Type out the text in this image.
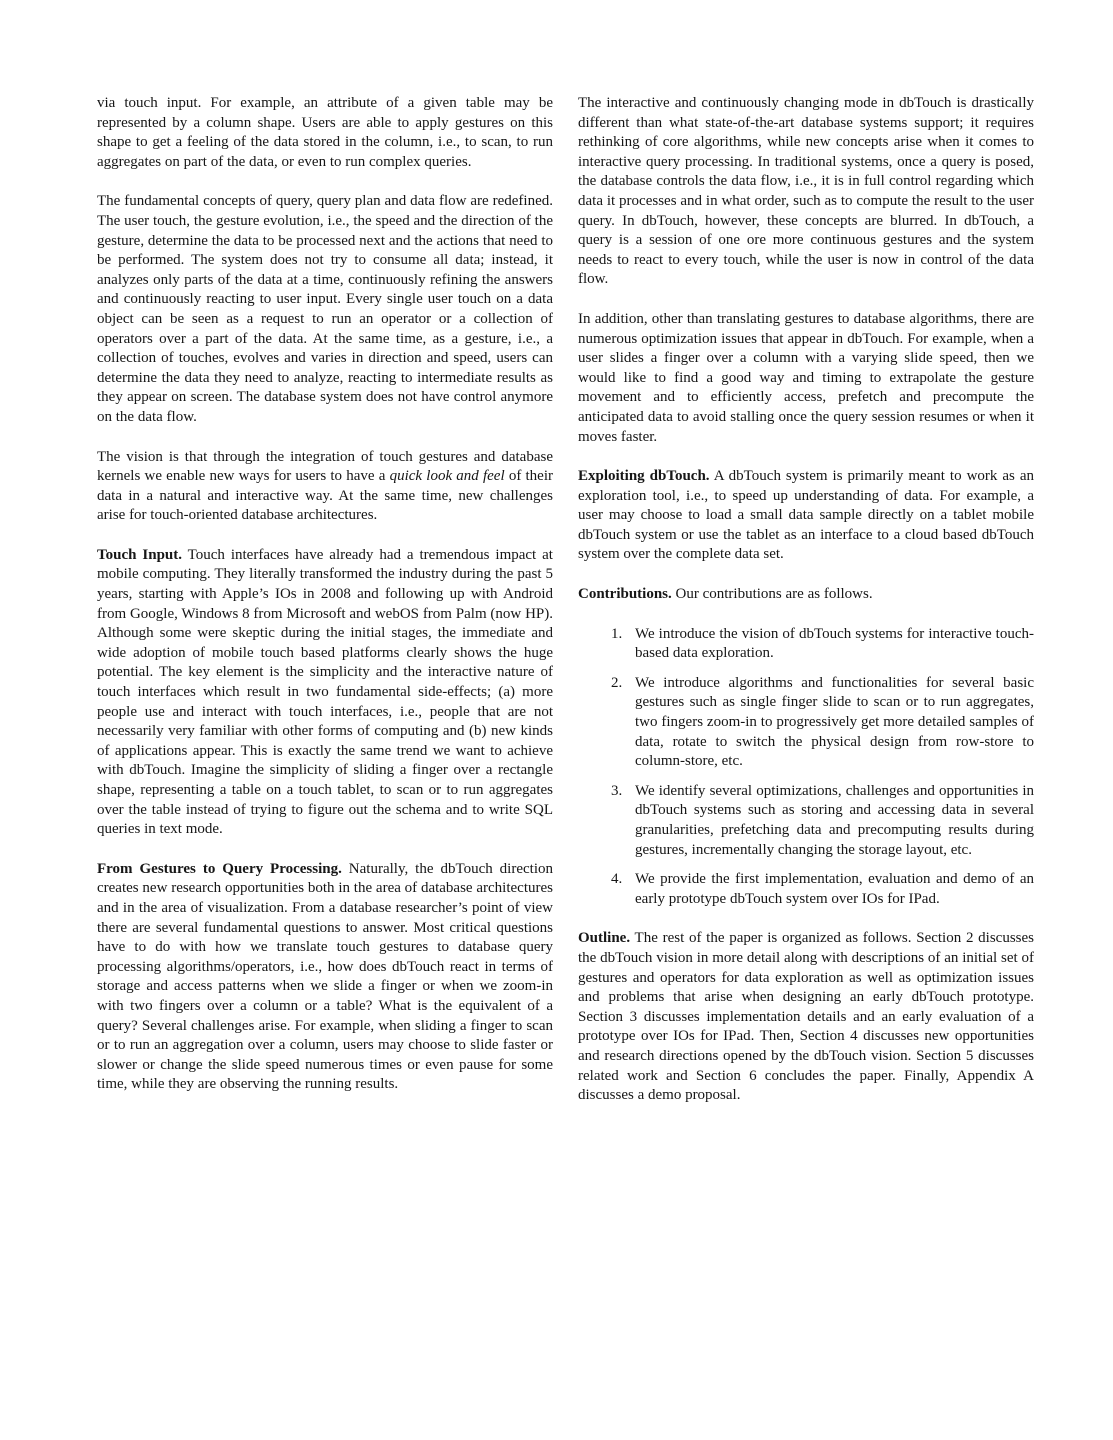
via touch input. For example, an attribute of a given table may be represented by a column shape. Users are able to apply gestures on this shape to get a feeling of the data stored in the column, i.e., to scan, to run aggregates on part of the data, or even to run complex queries.

The fundamental concepts of query, query plan and data flow are redefined. The user touch, the gesture evolution, i.e., the speed and the direction of the gesture, determine the data to be processed next and the actions that need to be performed. The system does not try to consume all data; instead, it analyzes only parts of the data at a time, continuously refining the answers and continuously reacting to user input. Every single user touch on a data object can be seen as a request to run an operator or a collection of operators over a part of the data. At the same time, as a gesture, i.e., a collection of touches, evolves and varies in direction and speed, users can determine the data they need to analyze, reacting to intermediate results as they appear on screen. The database system does not have control anymore on the data flow.

The vision is that through the integration of touch gestures and database kernels we enable new ways for users to have a quick look and feel of their data in a natural and interactive way. At the same time, new challenges arise for touch-oriented database architectures.

Touch Input. Touch interfaces have already had a tremendous impact at mobile computing. They literally transformed the industry during the past 5 years, starting with Apple’s IOs in 2008 and following up with Android from Google, Windows 8 from Microsoft and webOS from Palm (now HP). Although some were skeptic during the initial stages, the immediate and wide adoption of mobile touch based platforms clearly shows the huge potential. The key element is the simplicity and the interactive nature of touch interfaces which result in two fundamental side-effects; (a) more people use and interact with touch interfaces, i.e., people that are not necessarily very familiar with other forms of computing and (b) new kinds of applications appear. This is exactly the same trend we want to achieve with dbTouch. Imagine the simplicity of sliding a finger over a rectangle shape, representing a table on a touch tablet, to scan or to run aggregates over the table instead of trying to figure out the schema and to write SQL queries in text mode.

From Gestures to Query Processing. Naturally, the dbTouch direction creates new research opportunities both in the area of database architectures and in the area of visualization. From a database researcher’s point of view there are several fundamental questions to answer. Most critical questions have to do with how we translate touch gestures to database query processing algorithms/operators, i.e., how does dbTouch react in terms of storage and access patterns when we slide a finger or when we zoom-in with two fingers over a column or a table? What is the equivalent of a query? Several challenges arise. For example, when sliding a finger to scan or to run an aggregation over a column, users may choose to slide faster or slower or change the slide speed numerous times or even pause for some time, while they are observing the running results.

The interactive and continuously changing mode in dbTouch is drastically different than what state-of-the-art database systems support; it requires rethinking of core algorithms, while new concepts arise when it comes to interactive query processing. In traditional systems, once a query is posed, the database controls the data flow, i.e., it is in full control regarding which data it processes and in what order, such as to compute the result to the user query. In dbTouch, however, these concepts are blurred. In dbTouch, a query is a session of one ore more continuous gestures and the system needs to react to every touch, while the user is now in control of the data flow.

In addition, other than translating gestures to database algorithms, there are numerous optimization issues that appear in dbTouch. For example, when a user slides a finger over a column with a varying slide speed, then we would like to find a good way and timing to extrapolate the gesture movement and to efficiently access, prefetch and precompute the anticipated data to avoid stalling once the query session resumes or when it moves faster.

Exploiting dbTouch. A dbTouch system is primarily meant to work as an exploration tool, i.e., to speed up understanding of data. For example, a user may choose to load a small data sample directly on a tablet mobile dbTouch system or use the tablet as an interface to a cloud based dbTouch system over the complete data set.

Contributions. Our contributions are as follows.

1. We introduce the vision of dbTouch systems for interactive touch-based data exploration.
2. We introduce algorithms and functionalities for several basic gestures such as single finger slide to scan or to run aggregates, two fingers zoom-in to progressively get more detailed samples of data, rotate to switch the physical design from row-store to column-store, etc.
3. We identify several optimizations, challenges and opportunities in dbTouch systems such as storing and accessing data in several granularities, prefetching data and precomputing results during gestures, incrementally changing the storage layout, etc.
4. We provide the first implementation, evaluation and demo of an early prototype dbTouch system over IOs for IPad.

Outline. The rest of the paper is organized as follows. Section 2 discusses the dbTouch vision in more detail along with descriptions of an initial set of gestures and operators for data exploration as well as optimization issues and problems that arise when designing an early dbTouch prototype. Section 3 discusses implementation details and an early evaluation of a prototype over IOs for IPad. Then, Section 4 discusses new opportunities and research directions opened by the dbTouch vision. Section 5 discusses related work and Section 6 concludes the paper. Finally, Appendix A discusses a demo proposal.
